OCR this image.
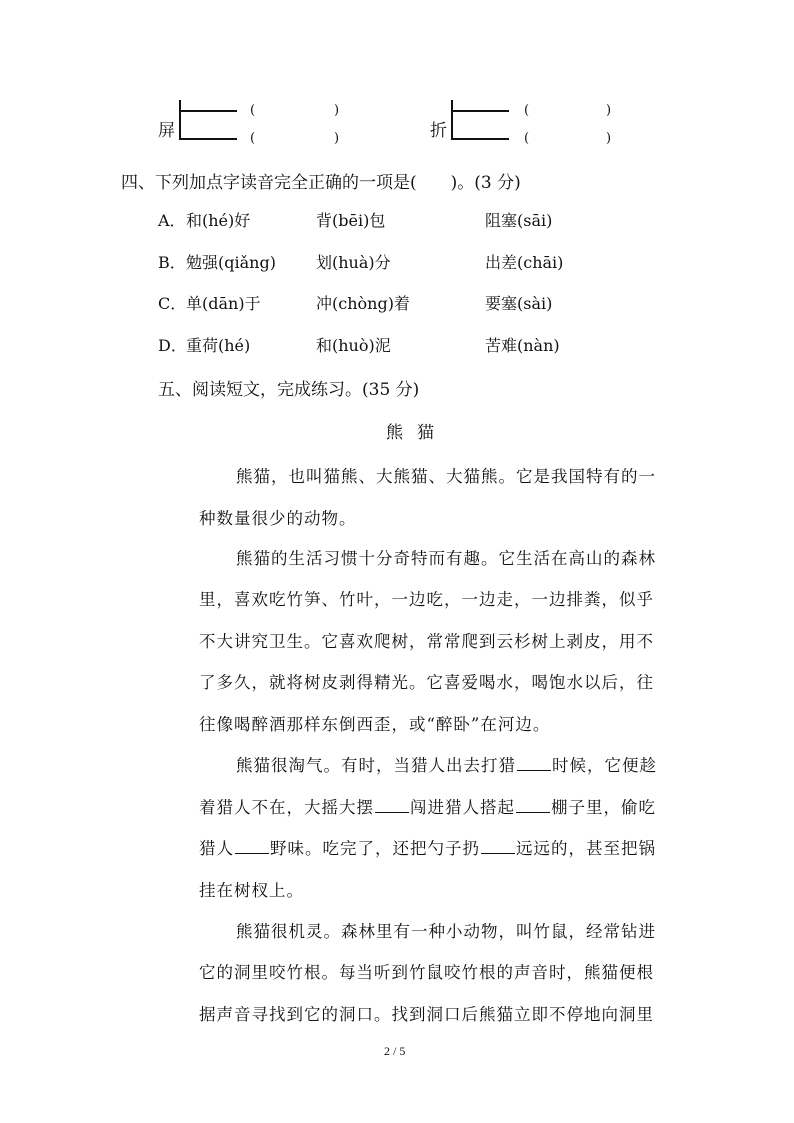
屏
(	)
(	)	折
(	)
(	)
四、下列加点字读音完全正确的一项是(　　)。(3 分)
A． 和(hé)好	背(bēi)包	阻塞(sāi)
B． 勉强(qiǎng)	划(huà)分	出差(chāi)
C． 单(dān)于	冲(chòng)着	要塞(sài)
D． 重荷(hé)	和(huò)泥	苦难(nàn)
五、阅读短文，完成练习。(35 分)
熊猫
熊猫，也叫猫熊、大熊猫、大猫熊。它是我国特有的一
种数量很少的动物。
熊猫的生活习惯十分奇特而有趣。它生活在高山的森林
里，喜欢吃竹笋、竹叶，一边吃，一边走，一边排粪，似乎
不大讲究卫生。它喜欢爬树，常常爬到云杉树上剥皮，用不
了多久，就将树皮剥得精光。它喜爱喝水，喝饱水以后，往
往像喝醉酒那样东倒西歪，或“醉卧”在河边。
熊猫很淘气。有时，当猎人出去打猎 时候，它便趁
着猎人不在，大摇大摆 闯进猎人搭起 棚子里，偷吃
猎人 野味。吃完了，还把勺子扔 远远的，甚至把锅
挂在树杈上。
熊猫很机灵。森林里有一种小动物，叫竹鼠，经常钻进
它的洞里咬竹根。每当听到竹鼠咬竹根的声音时，熊猫便根
据声音寻找到它的洞口。找到洞口后熊猫立即不停地向洞里
2 / 5
